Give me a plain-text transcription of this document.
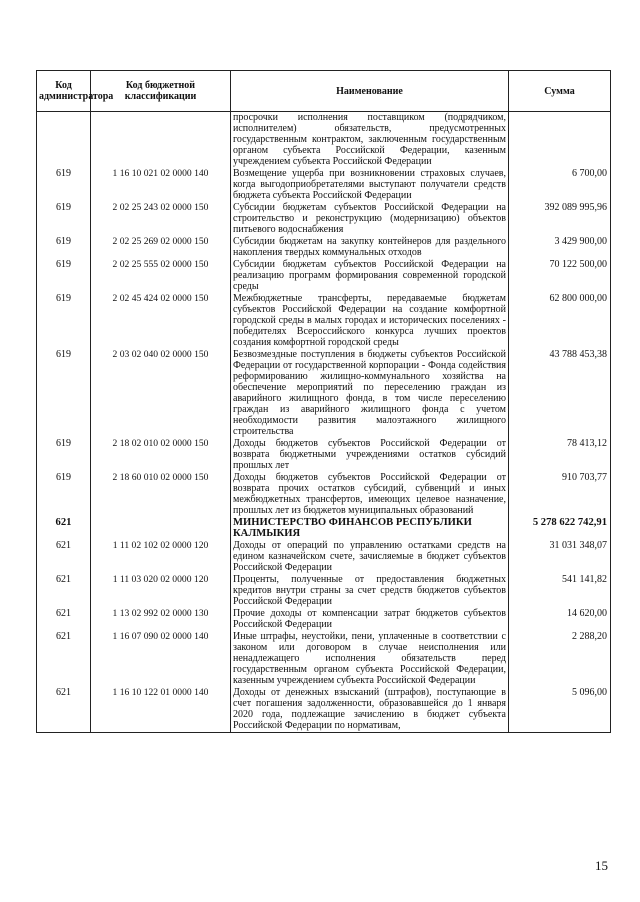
Код администратора	Код бюджетной классификации	Наименование	Сумма
		просрочки исполнения поставщиком (подрядчиком, исполнителем) обязательств, предусмотренных государственным контрактом, заключенным государственным органом субъекта Российской Федерации, казенным учреждением субъекта Российской Федерации	
619	1 16 10 021 02 0000 140	Возмещение ущерба при возникновении страховых случаев, когда выгодоприобретателями выступают получатели средств бюджета субъекта Российской Федерации	6 700,00
619	2 02 25 243 02 0000 150	Субсидии бюджетам субъектов Российской Федерации на строительство и реконструкцию (модернизацию) объектов питьевого водоснабжения	392 089 995,96
619	2 02 25 269 02 0000 150	Субсидии бюджетам на закупку контейнеров для раздельного накопления твердых коммунальных отходов	3 429 900,00
619	2 02 25 555 02 0000 150	Субсидии бюджетам субъектов Российской Федерации на реализацию программ формирования современной городской среды	70 122 500,00
619	2 02 45 424 02 0000 150	Межбюджетные трансферты, передаваемые бюджетам субъектов Российской Федерации на создание комфортной городской среды в малых городах и исторических поселениях - победителях Всероссийского конкурса лучших проектов создания комфортной городской среды	62 800 000,00
619	2 03 02 040 02 0000 150	Безвозмездные поступления в бюджеты субъектов Российской Федерации от государственной корпорации - Фонда содействия реформированию жилищно-коммунального хозяйства на обеспечение мероприятий по переселению граждан из аварийного жилищного фонда, в том числе переселению граждан из аварийного жилищного фонда с учетом необходимости развития малоэтажного жилищного строительства	43 788 453,38
619	2 18 02 010 02 0000 150	Доходы бюджетов субъектов Российской Федерации от возврата бюджетными учреждениями остатков субсидий прошлых лет	78 413,12
619	2 18 60 010 02 0000 150	Доходы бюджетов субъектов Российской Федерации от возврата прочих остатков субсидий, субвенций и иных межбюджетных трансфертов, имеющих целевое назначение, прошлых лет из бюджетов муниципальных образований	910 703,77
621		МИНИСТЕРСТВО ФИНАНСОВ РЕСПУБЛИКИ КАЛМЫКИЯ	5 278 622 742,91
621	1 11 02 102 02 0000 120	Доходы от операций по управлению остатками средств на едином казначейском счете, зачисляемые в бюджет субъектов Российской Федерации	31 031 348,07
621	1 11 03 020 02 0000 120	Проценты, полученные от предоставления бюджетных кредитов внутри страны за счет средств бюджетов субъектов Российской Федерации	541 141,82
621	1 13 02 992 02 0000 130	Прочие доходы от компенсации затрат бюджетов субъектов Российской Федерации	14 620,00
621	1 16 07 090 02 0000 140	Иные штрафы, неустойки, пени, уплаченные в соответствии с законом или договором в случае неисполнения или ненадлежащего исполнения обязательств перед государственным органом субъекта Российской Федерации, казенным учреждением субъекта Российской Федерации	2 288,20
621	1 16 10 122 01 0000 140	Доходы от денежных взысканий (штрафов), поступающие в счет погашения задолженности, образовавшейся до 1 января 2020 года, подлежащие зачислению в бюджет субъекта Российской Федерации по нормативам,	5 096,00
15
